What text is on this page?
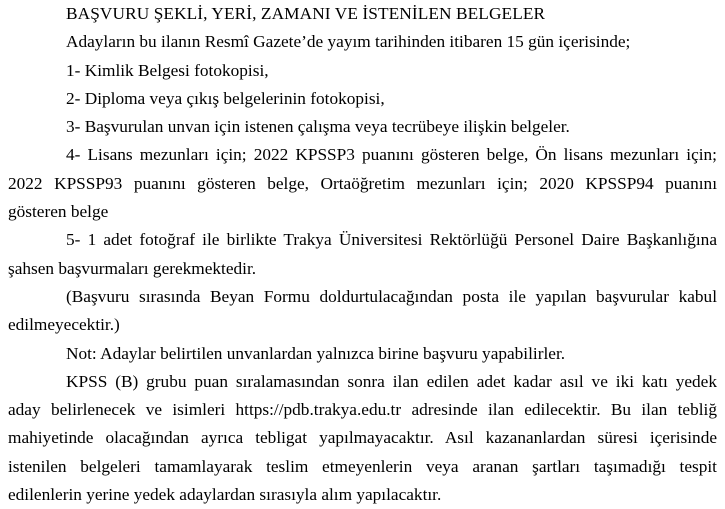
BAŞVURU ŞEKLİ, YERİ, ZAMANI VE İSTENİLEN BELGELER
Adayların bu ilanın Resmî Gazete’de yayım tarihinden itibaren 15 gün içerisinde;
1- Kimlik Belgesi fotokopisi,
2- Diploma veya çıkış belgelerinin fotokopisi,
3- Başvurulan unvan için istenen çalışma veya tecrübeye ilişkin belgeler.
4- Lisans mezunları için; 2022 KPSSP3 puanını gösteren belge, Ön lisans mezunları için;
2022 KPSSP93 puanını gösteren belge, Ortaöğretim mezunları için; 2020 KPSSP94 puanını
gösteren belge
5- 1 adet fotoğraf ile birlikte Trakya Üniversitesi Rektörlüğü Personel Daire Başkanlığına
şahsen başvurmaları gerekmektedir.
(Başvuru sırasında Beyan Formu doldurtulacağından posta ile yapılan başvurular kabul
edilmeyecektir.)
Not: Adaylar belirtilen unvanlardan yalnızca birine başvuru yapabilirler.
KPSS (B) grubu puan sıralamasından sonra ilan edilen adet kadar asıl ve iki katı yedek
aday belirlenecek ve isimleri https://pdb.trakya.edu.tr adresinde ilan edilecektir. Bu ilan tebliğ
mahiyetinde olacağından ayrıca tebligat yapılmayacaktır. Asıl kazananlardan süresi içerisinde
istenilen belgeleri tamamlayarak teslim etmeyenlerin veya aranan şartları taşımadığı tespit
edilenlerin yerine yedek adaylardan sırasıyla alım yapılacaktır.
